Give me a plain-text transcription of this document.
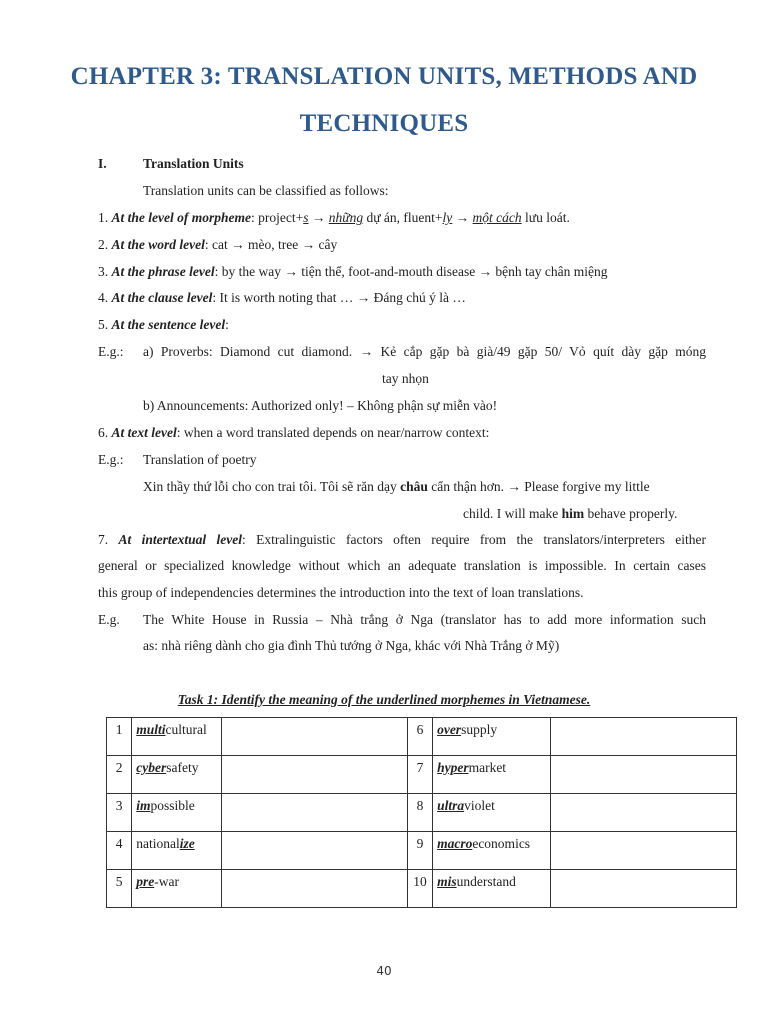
CHAPTER 3: TRANSLATION UNITS, METHODS AND
TECHNIQUES
I.	Translation Units
Translation units can be classified as follows:
1. At the level of morpheme: project+s → những dự án, fluent+ly → một cách lưu loát.
2. At the word level: cat → mèo, tree → cây
3. At the phrase level: by the way → tiện thể, foot-and-mouth disease → bệnh tay chân miệng
4. At the clause level: It is worth noting that … → Đáng chú ý là …
5. At the sentence level:
E.g.: a) Proverbs: Diamond cut diamond. → Kẻ cắp gặp bà già/49 gặp 50/ Vỏ quít dày gặp móng
tay nhọn
b) Announcements: Authorized only! – Không phận sự miễn vào!
6. At text level: when a word translated depends on near/narrow context:
E.g.: Translation of poetry
Xin thầy thứ lỗi cho con trai tôi. Tôi sẽ răn dạy châu cẩn thận hơn. → Please forgive my little
child. I will make him behave properly.
7. At intertextual level: Extralinguistic factors often require from the translators/interpreters either
general or specialized knowledge without which an adequate translation is impossible. In certain cases
this group of independencies determines the introduction into the text of loan translations.
E.g. The White House in Russia – Nhà trắng ở Nga (translator has to add more information such
as: nhà riêng dành cho gia đình Thủ tướng ở Nga, khác với Nhà Trắng ở Mỹ)
Task 1: Identify the meaning of the underlined morphemes in Vietnamese.
1	multicultural		6	oversupply	
2	cybersafety		7	hypermarket	
3	impossible		8	ultraviolet	
4	nationalize		9	macroeconomics	
5	pre-war		10	misunderstand	
40
